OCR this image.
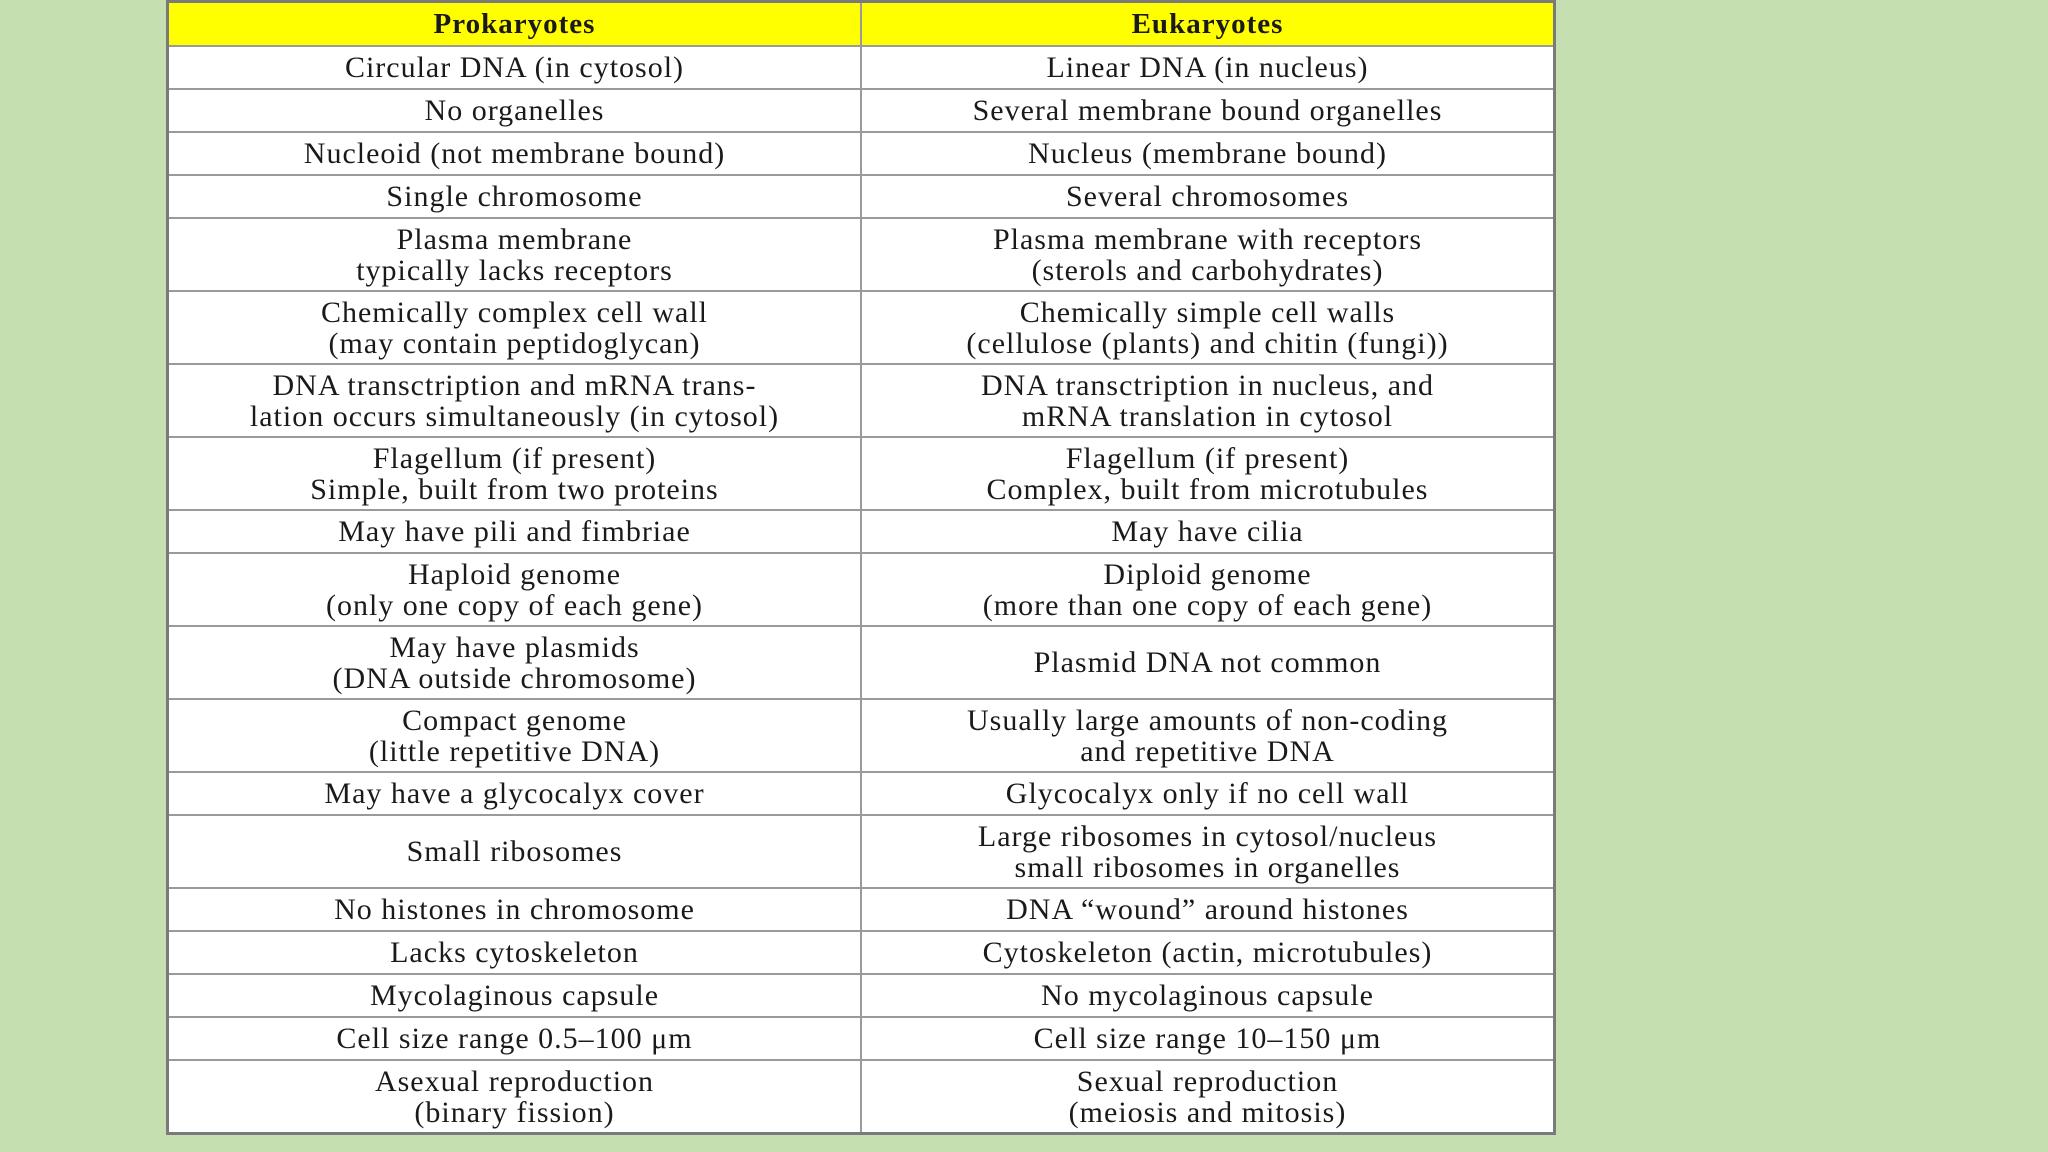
Prokaryotes	Eukaryotes

Circular DNA (in cytosol)	Linear DNA (in nucleus)

No organelles	Several membrane bound organelles

Nucleoid (not membrane bound)	Nucleus (membrane bound)

Single chromosome	Several chromosomes

Plasma membrane
typically lacks receptors	Plasma membrane with receptors
(sterols and carbohydrates)

Chemically complex cell wall
(may contain peptidoglycan)	Chemically simple cell walls
(cellulose (plants) and chitin (fungi))

DNA transctription and mRNA trans-
lation occurs simultaneously (in cytosol)	DNA transctription in nucleus, and
mRNA translation in cytosol

Flagellum (if present)
Simple, built from two proteins	Flagellum (if present)
Complex, built from microtubules

May have pili and fimbriae	May have cilia

Haploid genome
(only one copy of each gene)	Diploid genome
(more than one copy of each gene)

May have plasmids
(DNA outside chromosome)	Plasmid DNA not common

Compact genome
(little repetitive DNA)	Usually large amounts of non-coding
and repetitive DNA

May have a glycocalyx cover	Glycocalyx only if no cell wall

Small ribosomes	Large ribosomes in cytosol/nucleus
small ribosomes in organelles

No histones in chromosome	DNA “wound” around histones

Lacks cytoskeleton	Cytoskeleton (actin, microtubules)

Mycolaginous capsule	No mycolaginous capsule

Cell size range 0.5–100 μm	Cell size range 10–150 μm

Asexual reproduction
(binary fission)	Sexual reproduction
(meiosis and mitosis)
